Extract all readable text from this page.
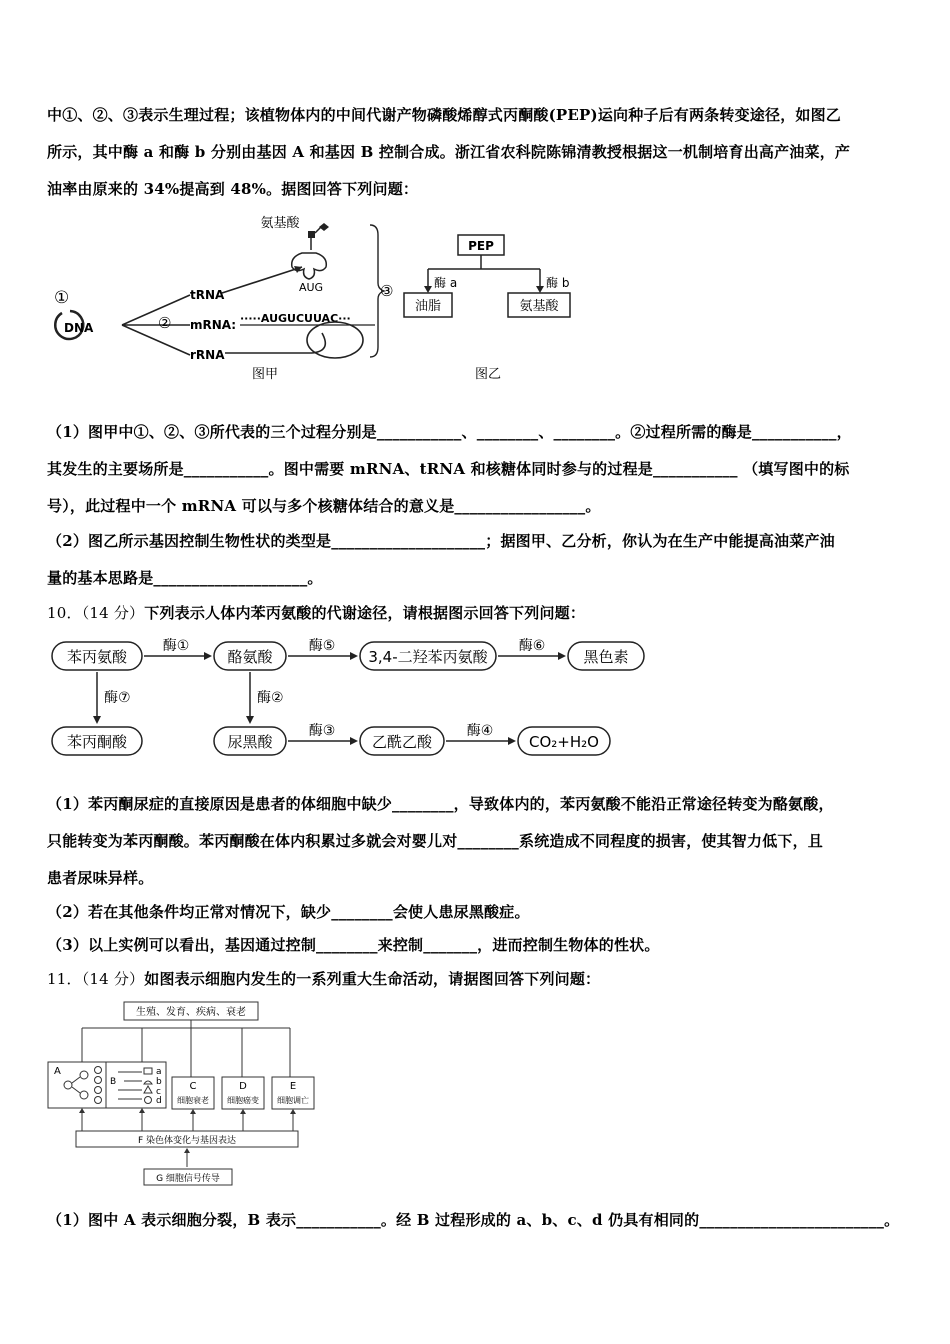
中①、②、③表示生理过程；该植物体内的中间代谢产物磷酸烯醇式丙酮酸(PEP)运向种子后有两条转变途径，如图乙
所示，其中酶 a 和酶 b 分别由基因 A 和基因 B 控制合成。浙江省农科院陈锦清教授根据这一机制培育出高产油菜，产
油率由原来的 34%提高到 48%。据图回答下列问题：
氨基酸
AUG
①
DNA	②
tRNA
mRNA:
rRNA
·····AUGUCUUAC···
③
图甲
PEP
酶 a	酶 b
油脂	氨基酸
图乙
（1）图甲中①、②、③所代表的三个过程分别是___________、________、________。②过程所需的酶是___________，
其发生的主要场所是___________。图中需要 mRNA、tRNA 和核糖体同时参与的过程是___________ （填写图中的标
号），此过程中一个 mRNA 可以与多个核糖体结合的意义是_________________。
（2）图乙所示基因控制生物性状的类型是____________________；据图甲、乙分析，你认为在生产中能提高油菜产油
量的基本思路是____________________。
10．（14 分）下列表示人体内苯丙氨酸的代谢途径，请根据图示回答下列问题：
苯丙氨酸	酪氨酸	3,4-二羟苯丙氨酸	黑色素
酶①	酶⑤	酶⑥
酶⑦	酶②
苯丙酮酸	尿黑酸	乙酰乙酸	CO₂+H₂O
酶③	酶④
（1）苯丙酮尿症的直接原因是患者的体细胞中缺少________，导致体内的，苯丙氨酸不能沿正常途径转变为酪氨酸，
只能转变为苯丙酮酸。苯丙酮酸在体内积累过多就会对婴儿对________系统造成不同程度的损害，使其智力低下，且
患者尿味异样。
（2）若在其他条件均正常对情况下，缺少________会使人患尿黑酸症。
（3）以上实例可以看出，基因通过控制________来控制_______，进而控制生物体的性状。
11．（14 分）如图表示细胞内发生的一系列重大生命活动，请据图回答下列问题：
生殖、发育、疾病、衰老
A
B
a
b
c
d
C
细胞衰老
D
细胞癌变
E
细胞调亡
F 染色体变化与基因表达
G 细胞信号传导
（1）图中 A 表示细胞分裂，B 表示___________。经 B 过程形成的 a、b、c、d 仍具有相同的________________________。
